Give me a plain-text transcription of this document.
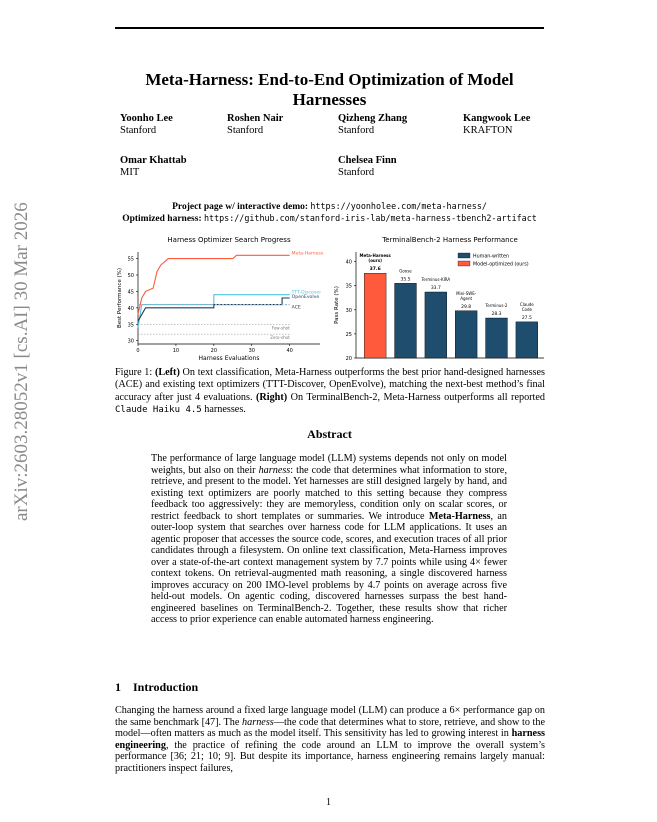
arXiv:2603.28052v1 [cs.AI] 30 Mar 2026
Meta-Harness: End-to-End Optimization of Model Harnesses
Yoonho Lee
Stanford
Roshen Nair
Stanford
Qizheng Zhang
Stanford
Kangwook Lee
KRAFTON
Omar Khattab
MIT
Chelsea Finn
Stanford
Project page w/ interactive demo: https://yoonholee.com/meta-harness/
Optimized harness: https://github.com/stanford-iris-lab/meta-harness-tbench2-artifact
Harness Optimizer Search Progress
30
35
40
45
50
55
0	10	20	30	40
Harness Evaluations
Best Performance (%)	Few-shot
Zero-shot
Meta-Harness
TTT-Discover
OpenEvolve
ACE
TerminalBench-2 Harness Performance
20
25
30
35
40
Pass Rate (%)
37.6
Meta-Harness
(ours)
35.5
Goose
33.7
Terminus-KIRA
29.8
Mini-SWE-
Agent
28.3
Terminus-2
27.5
Claude
Code
Human-written
Model-optimized (ours)
Figure 1: (Left) On text classification, Meta-Harness outperforms the best prior hand-designed harnesses (ACE) and existing text optimizers (TTT-Discover, OpenEvolve), matching the next-best method’s final accuracy after just 4 evaluations. (Right) On TerminalBench-2, Meta-Harness outperforms all reported Claude Haiku 4.5 harnesses.
Abstract
The performance of large language model (LLM) systems depends not only on model weights, but also on their harness: the code that determines what information to store, retrieve, and present to the model. Yet harnesses are still designed largely by hand, and existing text optimizers are poorly matched to this setting because they compress feedback too aggressively: they are memoryless, condition only on scalar scores, or restrict feedback to short templates or summaries. We introduce Meta-Harness, an outer-loop system that searches over harness code for LLM applications. It uses an agentic proposer that accesses the source code, scores, and execution traces of all prior candidates through a filesystem. On online text classification, Meta-Harness improves over a state-of-the-art context management system by 7.7 points while using 4× fewer context tokens. On retrieval-augmented math reasoning, a single discovered harness improves accuracy on 200 IMO-level problems by 4.7 points on average across five held-out models. On agentic coding, discovered harnesses surpass the best hand-engineered baselines on TerminalBench-2. Together, these results show that richer access to prior experience can enable automated harness engineering.
1 Introduction
Changing the harness around a fixed large language model (LLM) can produce a 6× performance gap on the same benchmark [47]. The harness—the code that determines what to store, retrieve, and show to the model—often matters as much as the model itself. This sensitivity has led to growing interest in harness engineering, the practice of refining the code around an LLM to improve the overall system’s performance [36; 21; 10; 9]. But despite its importance, harness engineering remains largely manual: practitioners inspect failures,
1
